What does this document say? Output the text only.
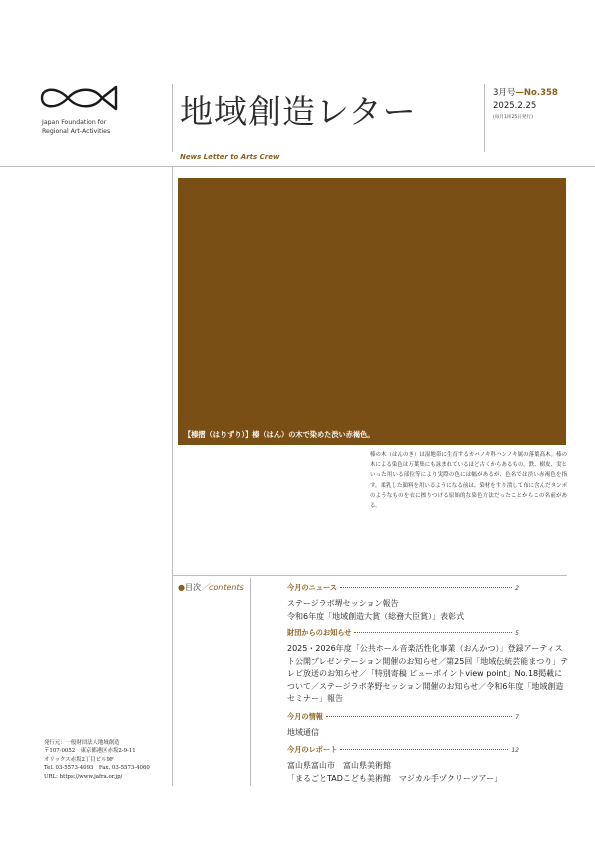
Japan Foundation for
Regional Art-Activities 地域創造レター	3月号—No.358
2025.2.25
(毎月1回25日発行)
News Letter to Arts Crew
【榛摺（はりずり）】榛（はん）の木で染めた渋い赤褐色。
榛の木（はんのき）は湿地帯に生育するカバノキ科ハンノキ属の落葉高木。榛の木による染色は万葉集にも詠まれているほど古くからあるもの。鉄、樹皮、実といった用いる部位等により実際の色には幅があるが、色名では渋い赤褐色を指す。柔乳した顔料を用いるようになる前は、染材をすり潰して布に含んだタンポのようなものを衣に擦りつける原始的な染色方法だったことからこの名前がある。
●目次／contents	今月のニュース	2
ステージラボ堺セッション報告
令和6年度「地域創造大賞（総務大臣賞）」表彰式
財団からのお知らせ	5
2025・2026年度「公共ホール音楽活性化事業（おんかつ）」登録アーティスト公開プレゼンテーション開催のお知らせ／第25回「地域伝統芸能まつり」テレビ放送のお知らせ／「特別寄稿 ビューポイントview point」No.18掲載について／ステージラボ茅野セッション開催のお知らせ／令和6年度「地域創造セミナー」報告
今月の情報	7
地域通信
今月のレポート	12
富山県富山市　富山県美術館
「まるごとTADこども美術館　マジカル手ヅクリーツアー」
発行元：一般財団法人地域創造
〒107-0052　東京都港区赤坂2-9-11
オリックス赤坂2丁目ビル9F
Tel. 03-5573-4093　Fax. 03-5573-4060
URL: https://www.jafra.or.jp/
